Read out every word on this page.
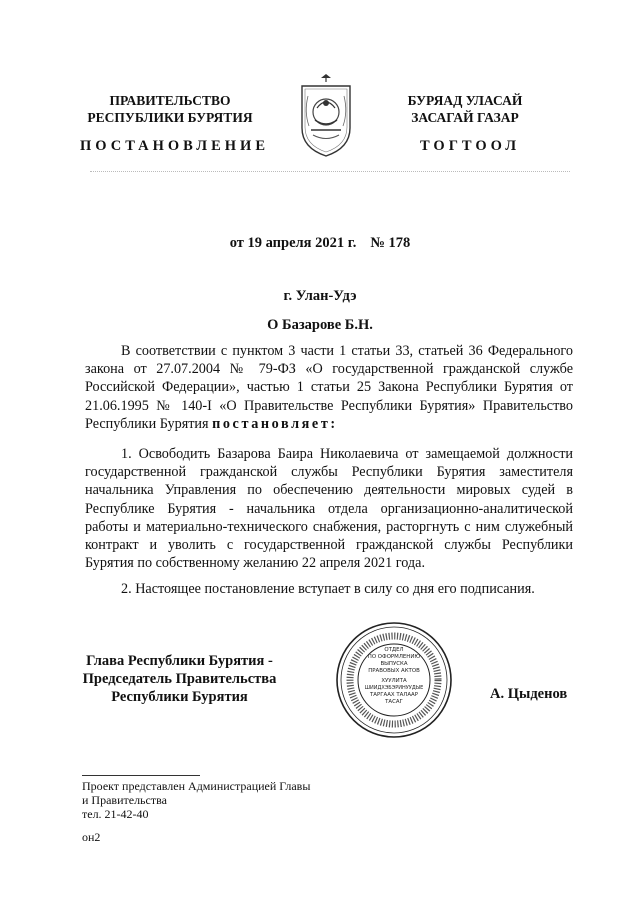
ПРАВИТЕЛЬСТВО
РЕСПУБЛИКИ БУРЯТИЯ
БУРЯАД УЛАСАЙ
ЗАСАГАЙ ГАЗАР
ПОСТАНОВЛЕНИЕ	ТОГТООЛ
от 19 апреля 2021 г. № 178
г. Улан-Удэ
О Базарове Б.Н.

В соответствии с пунктом 3 части 1 статьи 33, статьей 36 Федерального закона от 27.07.2004 № 79-ФЗ «О государственной гражданской службе Российской Федерации», частью 1 статьи 25 Закона Республики Бурятия от 21.06.1995 № 140-I «О Правительстве Республики Бурятия» Правительство Республики Бурятия постановляет:

1. Освободить Базарова Баира Николаевича от замещаемой должности государственной гражданской службы Республики Бурятия заместителя начальника Управления по обеспечению деятельности мировых судей в Республике Бурятия - начальника отдела организационно-аналитической работы и материально-технического снабжения, расторгнуть с ним служебный контракт и уволить с государственной гражданской службы Республики Бурятия по собственному желанию 22 апреля 2021 года.

2. Настоящее постановление вступает в силу со дня его подписания.

Глава Республики Бурятия -
Председатель Правительства
Республики Бурятия
ОТДЕЛ
ПО ОФОРМЛЕНИЮ
ВЫПУСКА
ПРАВОВЫХ АКТОВ
ХУУЛИТА
ШИИДХЭБЭРИНУУДЫЕ
ТАРГААХ ТАЛААР
ТАСАГ	А. Цыденов
Проект представлен Администрацией Главы
и Правительства
тел. 21-42-40
он2
